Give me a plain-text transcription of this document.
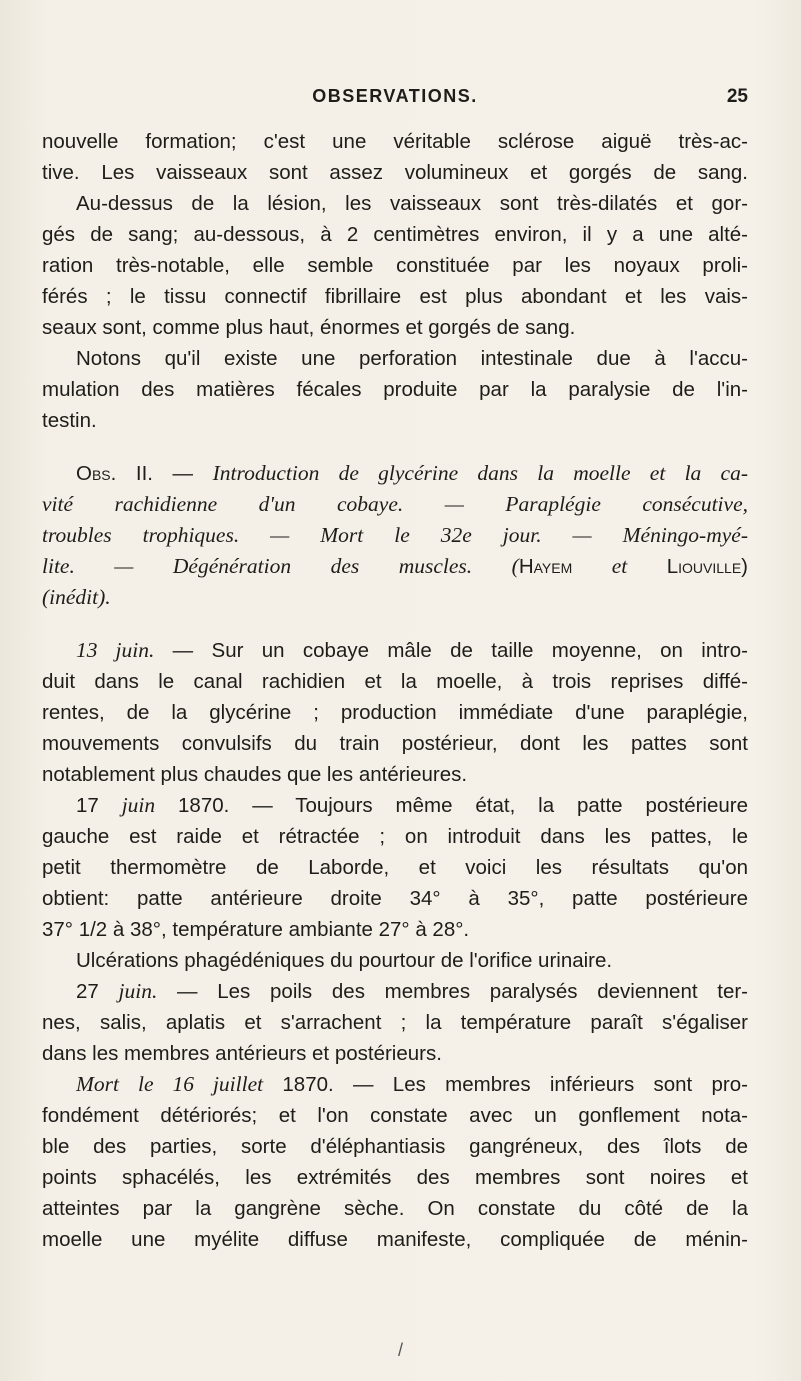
OBSERVATIONS.	25
nouvelle formation; c'est une véritable sclérose aiguë très-ac-
tive. Les vaisseaux sont assez volumineux et gorgés de sang.
Au-dessus de la lésion, les vaisseaux sont très-dilatés et gor-
gés de sang; au-dessous, à 2 centimètres environ, il y a une alté-
ration très-notable, elle semble constituée par les noyaux proli-
férés ; le tissu connectif fibrillaire est plus abondant et les vais-
seaux sont, comme plus haut, énormes et gorgés de sang.
Notons qu'il existe une perforation intestinale due à l'accu-
mulation des matières fécales produite par la paralysie de l'in-
testin.
Obs. II. — Introduction de glycérine dans la moelle et la ca-
vité rachidienne d'un cobaye. — Paraplégie consécutive,
troubles trophiques. — Mort le 32e jour. — Méningo-myé-
lite. — Dégénération des muscles. (Hayem et Liouville)
(inédit).
13 juin. — Sur un cobaye mâle de taille moyenne, on intro-
duit dans le canal rachidien et la moelle, à trois reprises diffé-
rentes, de la glycérine ; production immédiate d'une paraplégie,
mouvements convulsifs du train postérieur, dont les pattes sont
notablement plus chaudes que les antérieures.
17 juin 1870. — Toujours même état, la patte postérieure
gauche est raide et rétractée ; on introduit dans les pattes, le
petit thermomètre de Laborde, et voici les résultats qu'on
obtient: patte antérieure droite 34° à 35°, patte postérieure
37° 1/2 à 38°, température ambiante 27° à 28°.
Ulcérations phagédéniques du pourtour de l'orifice urinaire.
27 juin. — Les poils des membres paralysés deviennent ter-
nes, salis, aplatis et s'arrachent ; la température paraît s'égaliser
dans les membres antérieurs et postérieurs.
Mort le 16 juillet 1870. — Les membres inférieurs sont pro-
fondément détériorés; et l'on constate avec un gonflement nota-
ble des parties, sorte d'éléphantiasis gangréneux, des îlots de
points sphacélés, les extrémités des membres sont noires et
atteintes par la gangrène sèche. On constate du côté de la
moelle une myélite diffuse manifeste, compliquée de ménin-
/
